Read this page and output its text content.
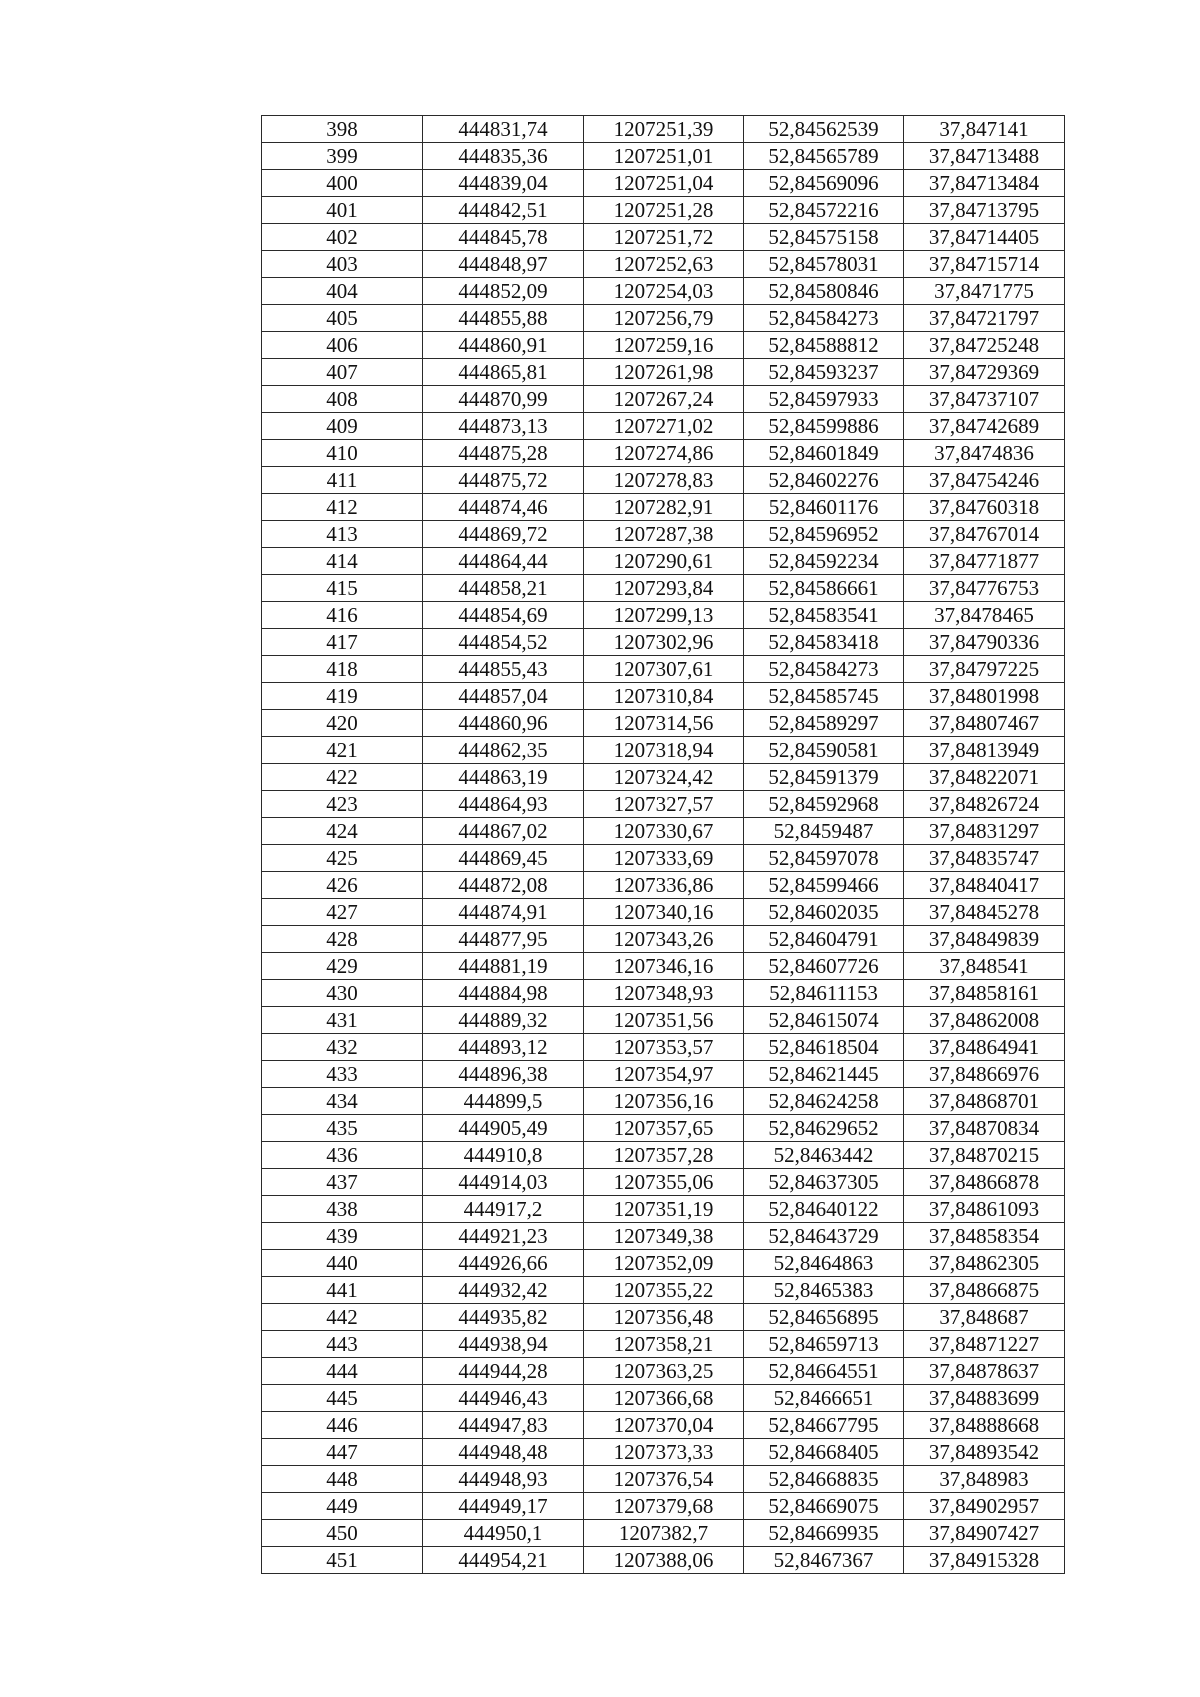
398	444831,74	1207251,39	52,84562539	37,847141
399	444835,36	1207251,01	52,84565789	37,84713488
400	444839,04	1207251,04	52,84569096	37,84713484
401	444842,51	1207251,28	52,84572216	37,84713795
402	444845,78	1207251,72	52,84575158	37,84714405
403	444848,97	1207252,63	52,84578031	37,84715714
404	444852,09	1207254,03	52,84580846	37,8471775
405	444855,88	1207256,79	52,84584273	37,84721797
406	444860,91	1207259,16	52,84588812	37,84725248
407	444865,81	1207261,98	52,84593237	37,84729369
408	444870,99	1207267,24	52,84597933	37,84737107
409	444873,13	1207271,02	52,84599886	37,84742689
410	444875,28	1207274,86	52,84601849	37,8474836
411	444875,72	1207278,83	52,84602276	37,84754246
412	444874,46	1207282,91	52,84601176	37,84760318
413	444869,72	1207287,38	52,84596952	37,84767014
414	444864,44	1207290,61	52,84592234	37,84771877
415	444858,21	1207293,84	52,84586661	37,84776753
416	444854,69	1207299,13	52,84583541	37,8478465
417	444854,52	1207302,96	52,84583418	37,84790336
418	444855,43	1207307,61	52,84584273	37,84797225
419	444857,04	1207310,84	52,84585745	37,84801998
420	444860,96	1207314,56	52,84589297	37,84807467
421	444862,35	1207318,94	52,84590581	37,84813949
422	444863,19	1207324,42	52,84591379	37,84822071
423	444864,93	1207327,57	52,84592968	37,84826724
424	444867,02	1207330,67	52,8459487	37,84831297
425	444869,45	1207333,69	52,84597078	37,84835747
426	444872,08	1207336,86	52,84599466	37,84840417
427	444874,91	1207340,16	52,84602035	37,84845278
428	444877,95	1207343,26	52,84604791	37,84849839
429	444881,19	1207346,16	52,84607726	37,848541
430	444884,98	1207348,93	52,84611153	37,84858161
431	444889,32	1207351,56	52,84615074	37,84862008
432	444893,12	1207353,57	52,84618504	37,84864941
433	444896,38	1207354,97	52,84621445	37,84866976
434	444899,5	1207356,16	52,84624258	37,84868701
435	444905,49	1207357,65	52,84629652	37,84870834
436	444910,8	1207357,28	52,8463442	37,84870215
437	444914,03	1207355,06	52,84637305	37,84866878
438	444917,2	1207351,19	52,84640122	37,84861093
439	444921,23	1207349,38	52,84643729	37,84858354
440	444926,66	1207352,09	52,8464863	37,84862305
441	444932,42	1207355,22	52,8465383	37,84866875
442	444935,82	1207356,48	52,84656895	37,848687
443	444938,94	1207358,21	52,84659713	37,84871227
444	444944,28	1207363,25	52,84664551	37,84878637
445	444946,43	1207366,68	52,8466651	37,84883699
446	444947,83	1207370,04	52,84667795	37,84888668
447	444948,48	1207373,33	52,84668405	37,84893542
448	444948,93	1207376,54	52,84668835	37,848983
449	444949,17	1207379,68	52,84669075	37,84902957
450	444950,1	1207382,7	52,84669935	37,84907427
451	444954,21	1207388,06	52,8467367	37,84915328
